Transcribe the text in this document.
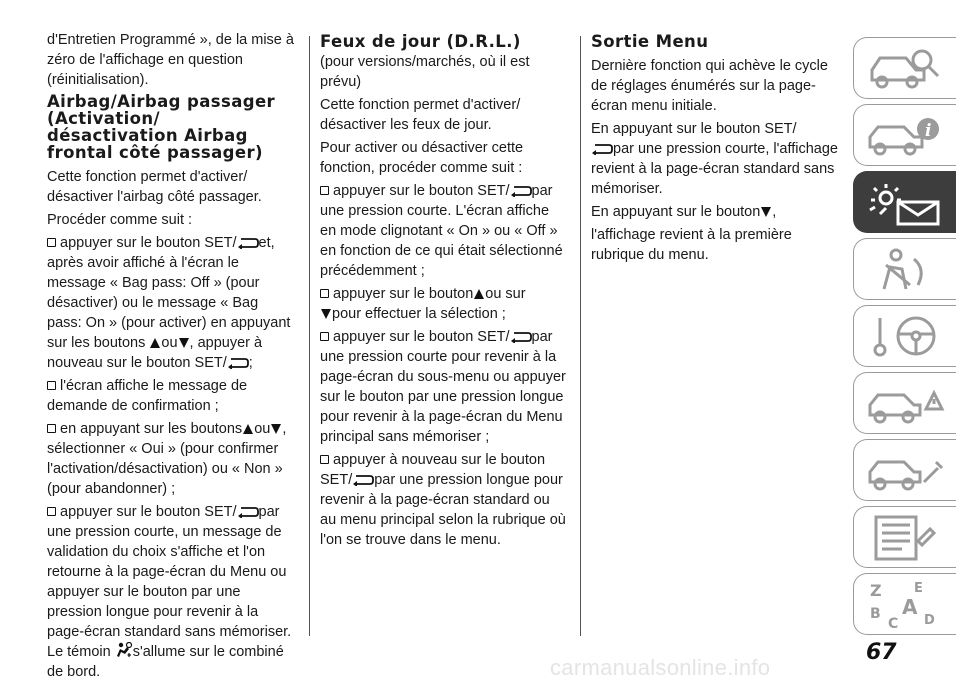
d'Entretien Programmé », de la mise à zéro de l'affichage en question (réinitialisation).

Airbag/Airbag passager (Activation/ désactivation Airbag frontal côté passager)

Cette fonction permet d'activer/ désactiver l'airbag côté passager.

Procéder comme suit :

appuyer sur le bouton SET/ et, après avoir affiché à l'écran le message « Bag pass: Off » (pour désactiver) ou le message « Bag pass: On » (pour activer) en appuyant sur les boutons ou , appuyer à nouveau sur le bouton SET/ ;

l'écran affiche le message de demande de confirmation ;

en appuyant sur les boutons ou , sélectionner « Oui » (pour confirmer l'activation/désactivation) ou « Non » (pour abandonner) ;

appuyer sur le bouton SET/ par une pression courte, un message de validation du choix s'affiche et l'on retourne à la page-écran du Menu ou appuyer sur le bouton par une pression longue pour revenir à la page-écran standard sans mémoriser. Le témoin s'allume sur le combiné de bord.

Feux de jour (D.R.L.)

(pour versions/marchés, où il est prévu)

Cette fonction permet d'activer/ désactiver les feux de jour.

Pour activer ou désactiver cette fonction, procéder comme suit :

appuyer sur le bouton SET/ par une pression courte. L'écran affiche en mode clignotant « On » ou « Off » en fonction de ce qui était sélectionné précédemment ;

appuyer sur le bouton ou sur
pour effectuer la sélection ;

appuyer sur le bouton SET/ par une pression courte pour revenir à la page-écran du sous-menu ou appuyer sur le bouton par une pression longue pour revenir à la page-écran du Menu principal sans mémoriser ;

appuyer à nouveau sur le bouton SET/ par une pression longue pour revenir à la page-écran standard ou au menu principal selon la rubrique où l'on se trouve dans le menu.

Sortie Menu

Dernière fonction qui achève le cycle de réglages énumérés sur la page-écran menu initiale.

En appuyant sur le bouton SET/
par une pression courte, l'affichage revient à la page-écran standard sans mémoriser.

En appuyant sur le bouton ,

l'affichage revient à la première rubrique du menu.

i
Z E
B A
C D
67
carmanualsonline.info
